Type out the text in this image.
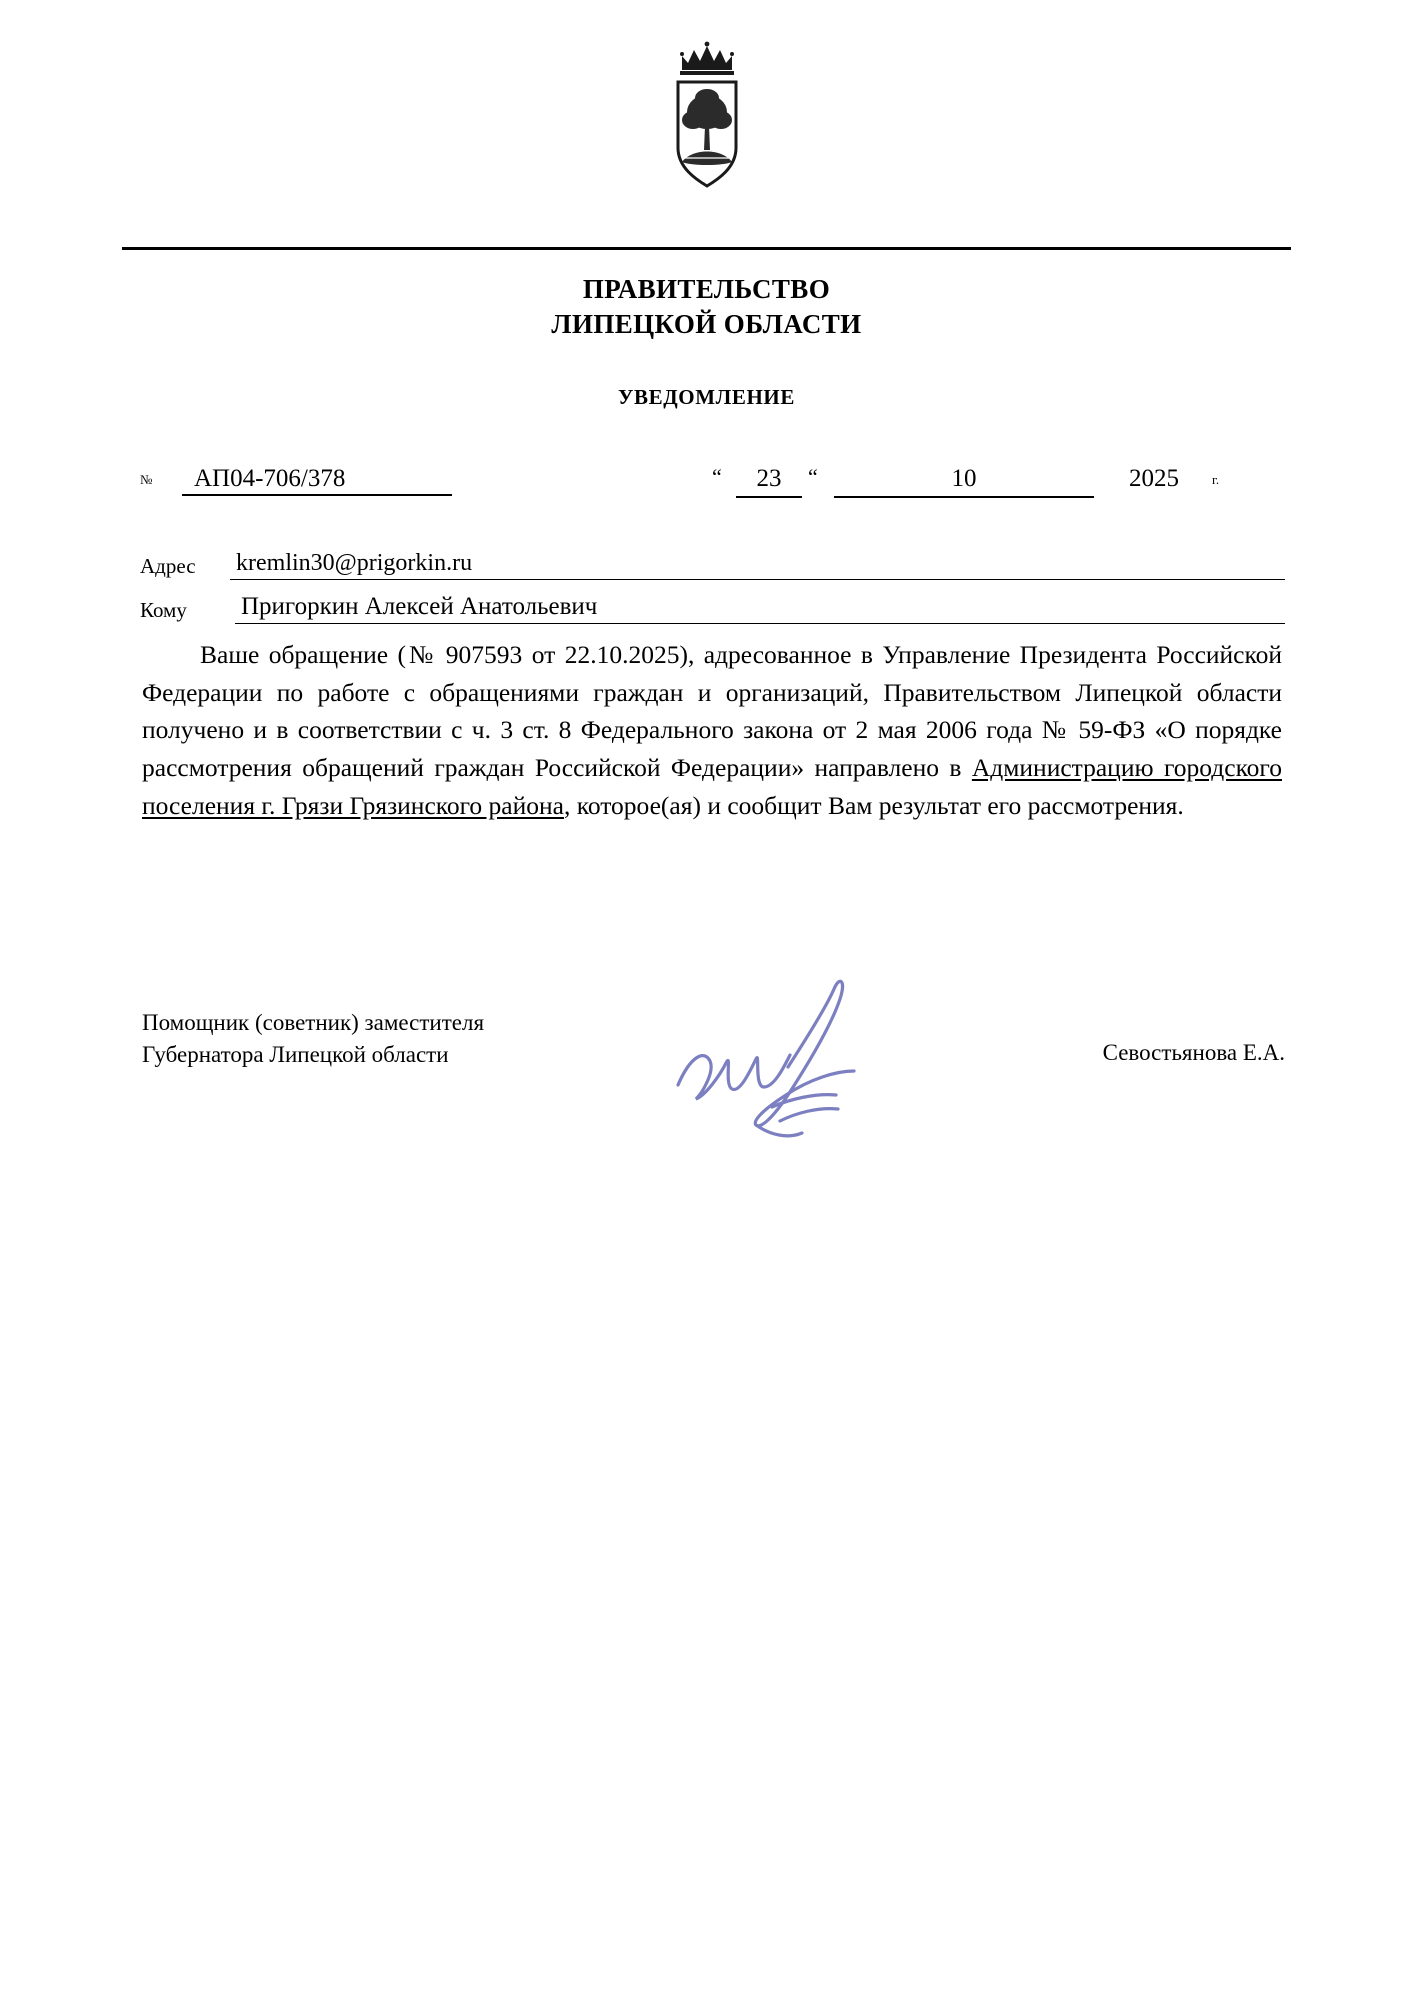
ПРАВИТЕЛЬСТВО
ЛИПЕЦКОЙ ОБЛАСТИ
УВЕДОМЛЕНИЕ
№	АП04-706/378	“	23	“	10	2025	$^{г.}$
Адрес kremlin30@prigorkin.ru
Кому Пригоркин Алексей Анатольевич
Ваше обращение (№ 907593 от 22.10.2025), адресованное в Управление Президента Российской Федерации по работе с обращениями граждан и организаций, Правительством Липецкой области получено и в соответствии с ч. 3 ст. 8 Федерального закона от 2 мая 2006 года № 59-ФЗ «О порядке рассмотрения обращений граждан Российской Федерации» направлено в Администрацию городского поселения г. Грязи Грязинского района, которое(ая) и сообщит Вам результат его рассмотрения.
Помощник (советник) заместителя
Губернатора Липецкой области	Севостьянова Е.А.
